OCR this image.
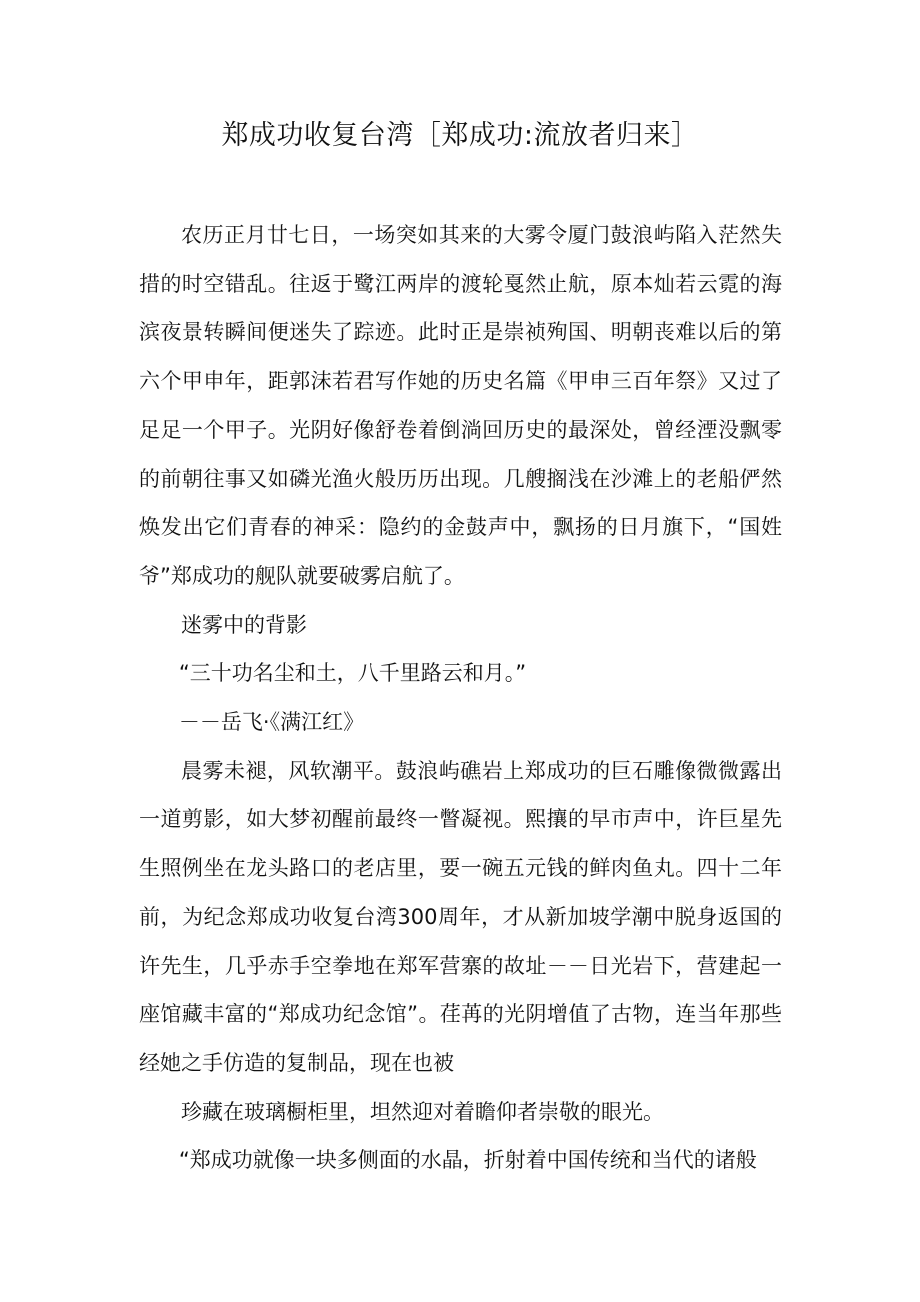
郑成功收复台湾［郑成功:流放者归来］

农历正月廿七日，一场突如其来的大雾令厦门鼓浪屿陷入茫然失措的时空错乱。往返于鹭江两岸的渡轮戛然止航，原本灿若云霓的海滨夜景转瞬间便迷失了踪迹。此时正是崇祯殉国、明朝丧难以后的第六个甲申年，距郭沫若君写作她的历史名篇《甲申三百年祭》又过了足足一个甲子。光阴好像舒卷着倒淌回历史的最深处，曾经湮没飘零的前朝往事又如磷光渔火般历历出现。几艘搁浅在沙滩上的老船俨然焕发出它们青春的神采：隐约的金鼓声中，飘扬的日月旗下，“国姓爷”郑成功的舰队就要破雾启航了。

迷雾中的背影

“三十功名尘和土，八千里路云和月。”

－－岳飞·《满江红》

晨雾未褪，风软潮平。鼓浪屿礁岩上郑成功的巨石雕像微微露出一道剪影，如大梦初醒前最终一瞥凝视。熙攘的早市声中，许巨星先生照例坐在龙头路口的老店里，要一碗五元钱的鲜肉鱼丸。四十二年前，为纪念郑成功收复台湾300周年，才从新加坡学潮中脱身返国的许先生，几乎赤手空拳地在郑军营寨的故址－－日光岩下，营建起一座馆藏丰富的“郑成功纪念馆”。荏苒的光阴增值了古物，连当年那些经她之手仿造的复制品，现在也被

珍藏在玻璃橱柜里，坦然迎对着瞻仰者崇敬的眼光。

“郑成功就像一块多侧面的水晶，折射着中国传统和当代的诸般
